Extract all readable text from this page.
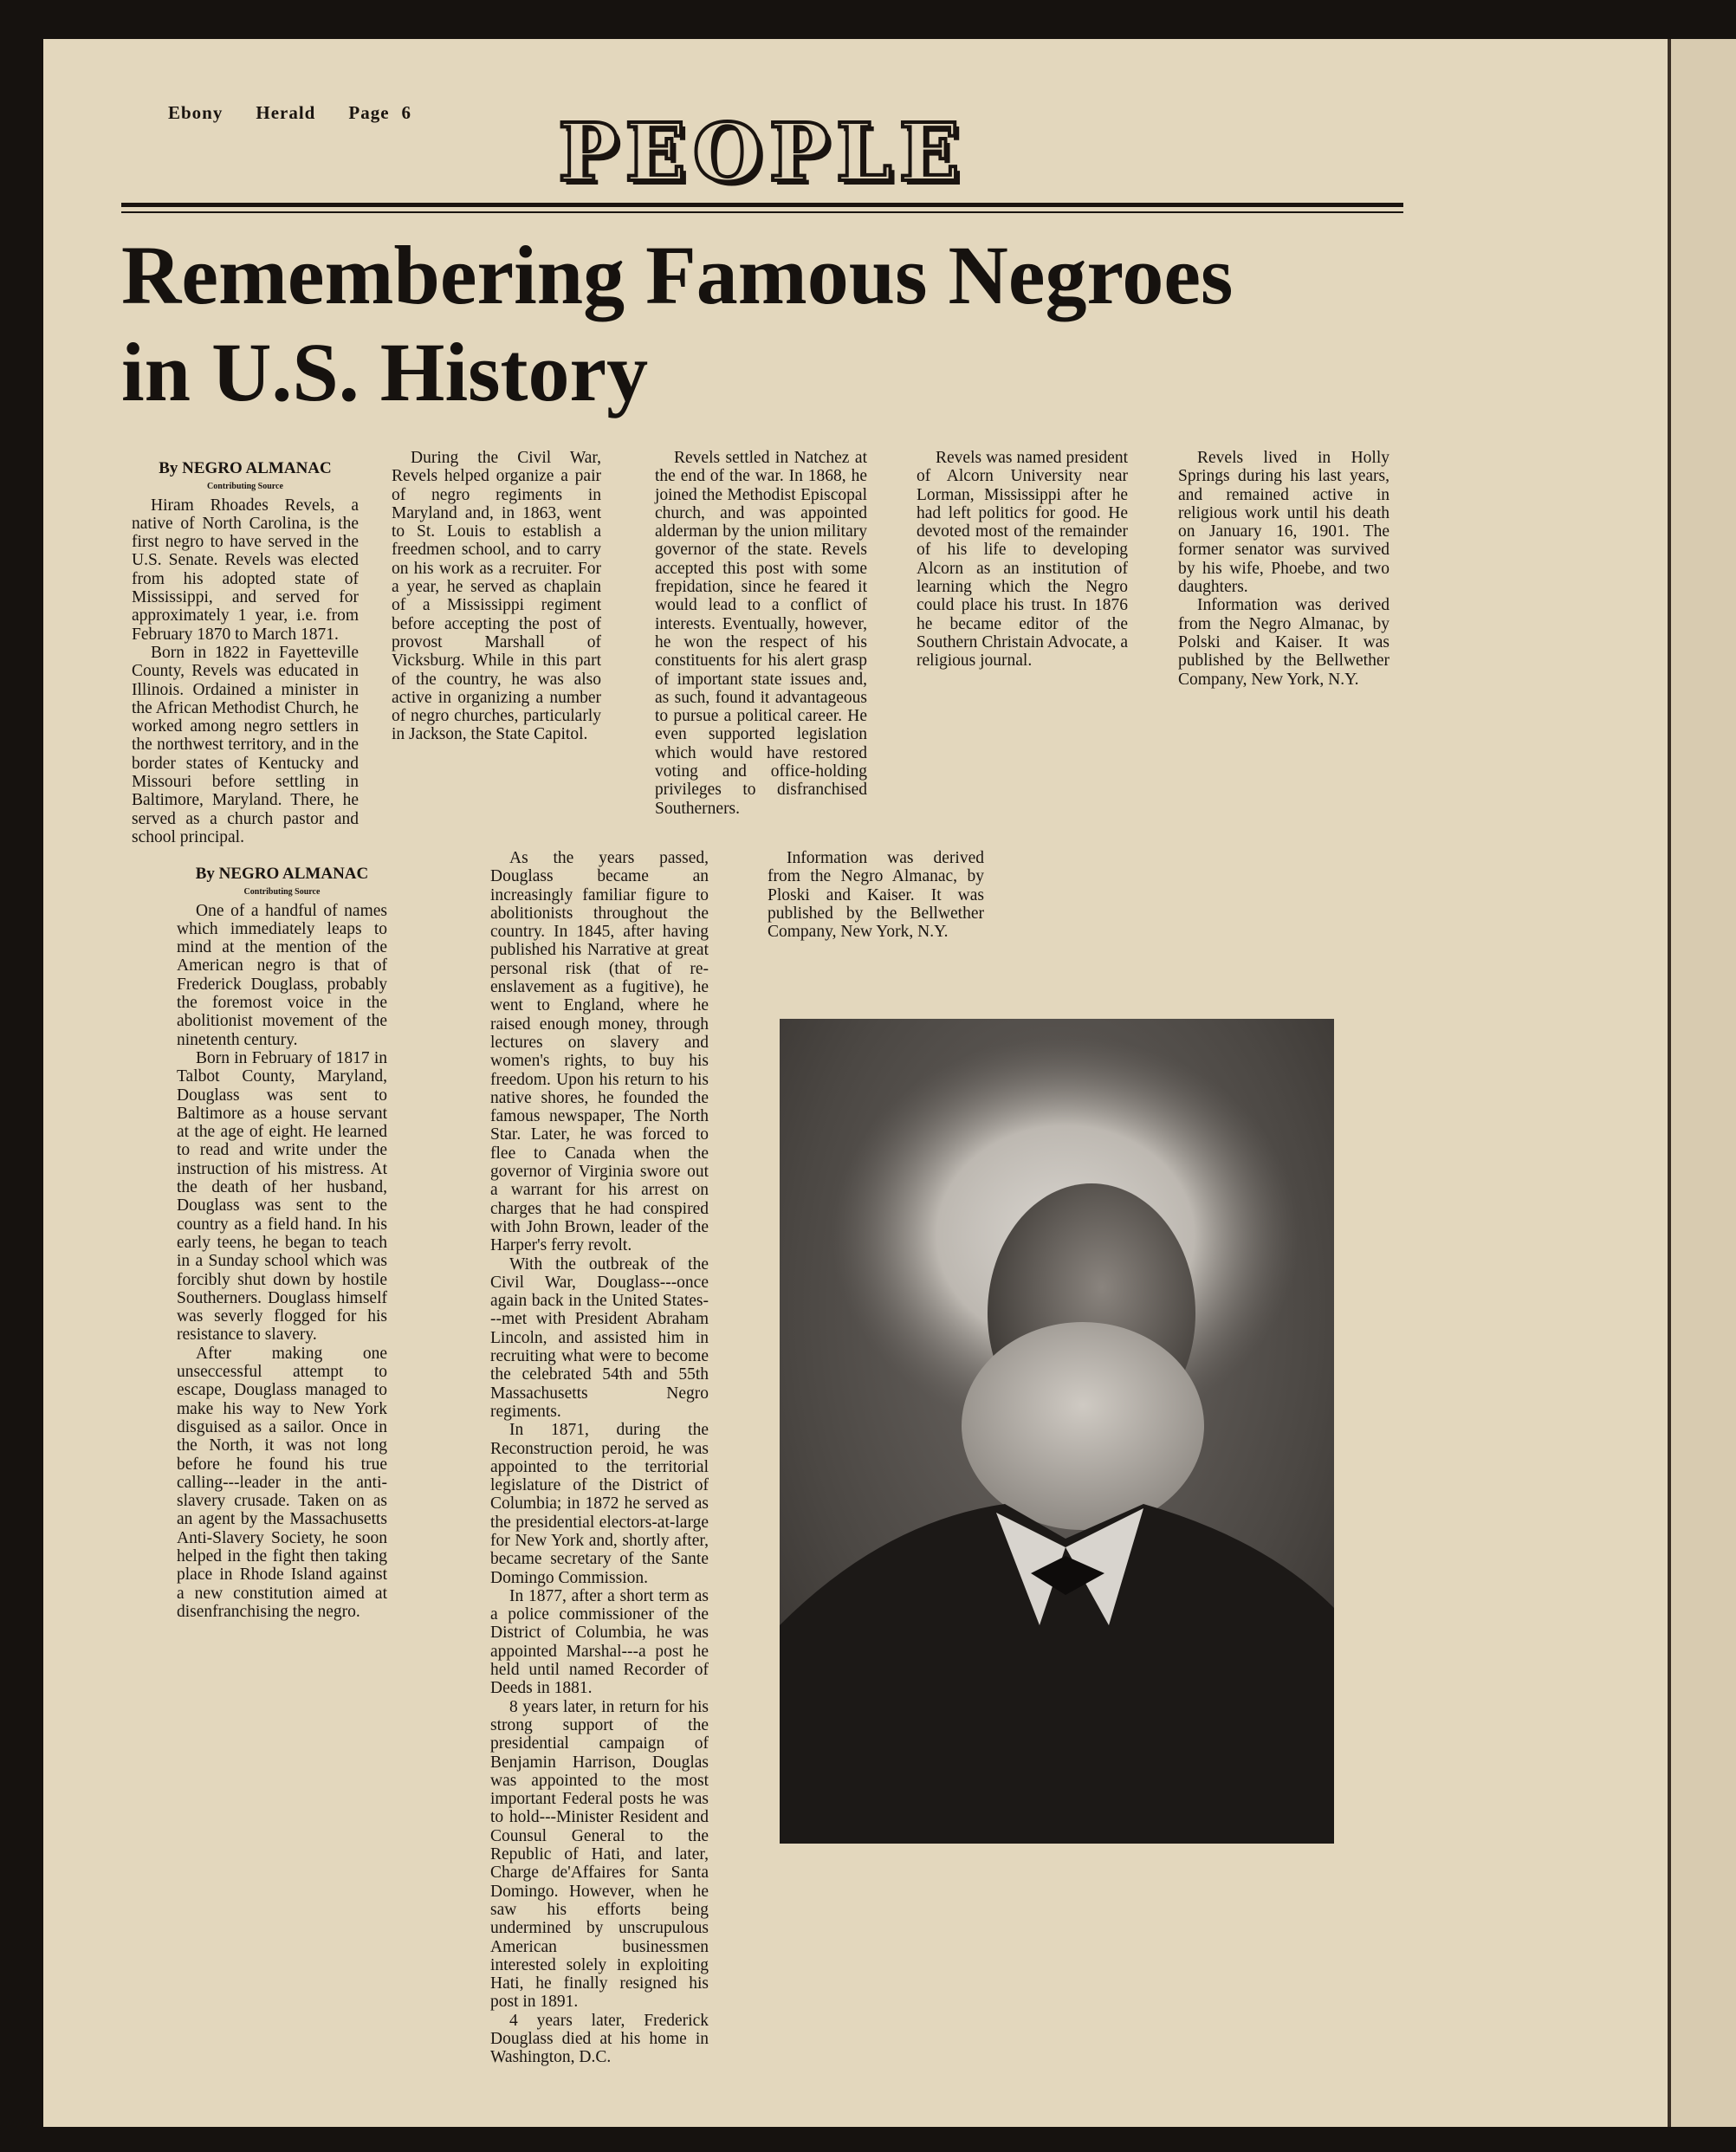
Ebony Herald Page 6	PEOPLE
Remembering Famous Negroes
in U.S. History

By NEGRO ALMANAC

Contributing Source

Hiram Rhoades Revels, a native of North Carolina, is the first negro to have served in the U.S. Senate. Revels was elected from his adopted state of Mississippi, and served for approximately 1 year, i.e. from February 1870 to March 1871.

Born in 1822 in Fayetteville County, Revels was educated in Illinois. Ordained a minister in the African Methodist Church, he worked among negro settlers in the northwest territory, and in the border states of Kentucky and Missouri before settling in Baltimore, Maryland. There, he served as a church pastor and school principal.

During the Civil War, Revels helped organize a pair of negro regiments in Maryland and, in 1863, went to St. Louis to establish a freedmen school, and to carry on his work as a recruiter. For a year, he served as chaplain of a Mississippi regiment before accepting the post of provost Marshall of Vicksburg. While in this part of the country, he was also active in organizing a number of negro churches, particularly in Jackson, the State Capitol.

Revels settled in Natchez at the end of the war. In 1868, he joined the Methodist Episcopal church, and was appointed alderman by the union military governor of the state. Revels accepted this post with some frepidation, since he feared it would lead to a conflict of interests. Eventually, however, he won the respect of his constituents for his alert grasp of important state issues and, as such, found it advantageous to pursue a political career. He even supported legislation which would have restored voting and office-holding privileges to disfranchised Southerners.

Revels was named president of Alcorn University near Lorman, Mississippi after he had left politics for good. He devoted most of the remainder of his life to developing Alcorn as an institution of learning which the Negro could place his trust. In 1876 he became editor of the Southern Christain Advocate, a religious journal.

Revels lived in Holly Springs during his last years, and remained active in religious work until his death on January 16, 1901. The former senator was survived by his wife, Phoebe, and two daughters.

Information was derived from the Negro Almanac, by Polski and Kaiser. It was published by the Bellwether Company, New York, N.Y.

By NEGRO ALMANAC

Contributing Source

One of a handful of names which immediately leaps to mind at the mention of the American negro is that of Frederick Douglass, probably the foremost voice in the abolitionist movement of the ninetenth century.

Born in February of 1817 in Talbot County, Maryland, Douglass was sent to Baltimore as a house servant at the age of eight. He learned to read and write under the instruction of his mistress. At the death of her husband, Douglass was sent to the country as a field hand. In his early teens, he began to teach in a Sunday school which was forcibly shut down by hostile Southerners. Douglass himself was severly flogged for his resistance to slavery.

After making one unseccessful attempt to escape, Douglass managed to make his way to New York disguised as a sailor. Once in the North, it was not long before he found his true calling---leader in the anti-slavery crusade. Taken on as an agent by the Massachusetts Anti-Slavery Society, he soon helped in the fight then taking place in Rhode Island against a new constitution aimed at disenfranchising the negro.

As the years passed, Douglass became an increasingly familiar figure to abolitionists throughout the country. In 1845, after having published his Narrative at great personal risk (that of re-enslavement as a fugitive), he went to England, where he raised enough money, through lectures on slavery and women's rights, to buy his freedom. Upon his return to his native shores, he founded the famous newspaper, The North Star. Later, he was forced to flee to Canada when the governor of Virginia swore out a warrant for his arrest on charges that he had conspired with John Brown, leader of the Harper's ferry revolt.

With the outbreak of the Civil War, Douglass---once again back in the United States---met with President Abraham Lincoln, and assisted him in recruiting what were to become the celebrated 54th and 55th Massachusetts Negro regiments.

In 1871, during the Reconstruction peroid, he was appointed to the territorial legislature of the District of Columbia; in 1872 he served as the presidential electors-at-large for New York and, shortly after, became secretary of the Sante Domingo Commission.

In 1877, after a short term as a police commissioner of the District of Columbia, he was appointed Marshal---a post he held until named Recorder of Deeds in 1881.

8 years later, in return for his strong support of the presidential campaign of Benjamin Harrison, Douglas was appointed to the most important Federal posts he was to hold---Minister Resident and Counsul General to the Republic of Hati, and later, Charge de'Affaires for Santa Domingo. However, when he saw his efforts being undermined by unscrupulous American businessmen interested solely in exploiting Hati, he finally resigned his post in 1891.

4 years later, Frederick Douglass died at his home in Washington, D.C.

Information was derived from the Negro Almanac, by Ploski and Kaiser. It was published by the Bellwether Company, New York, N.Y.
